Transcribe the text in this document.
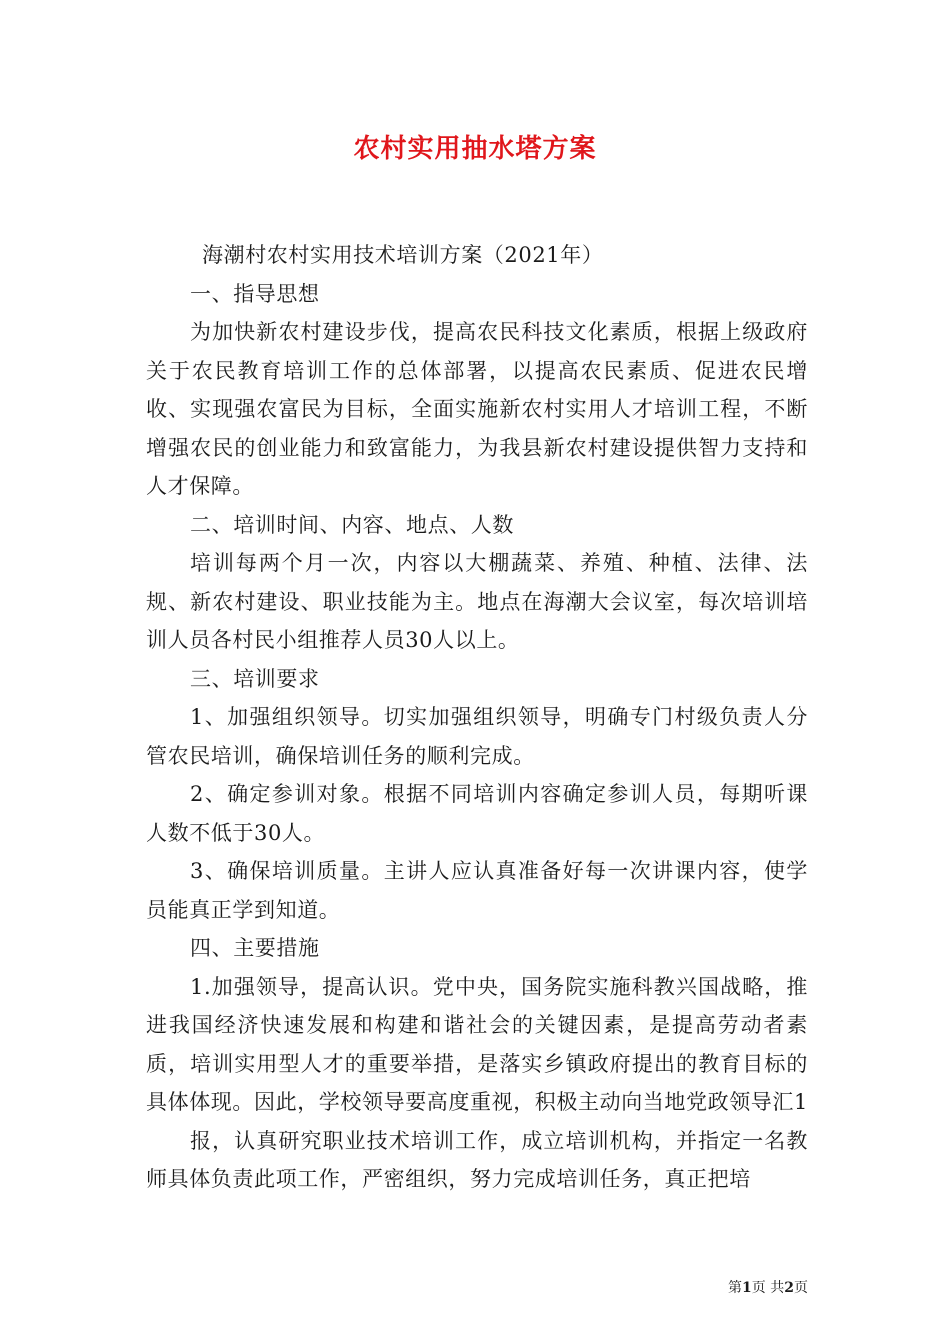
农村实用抽水塔方案

海潮村农村实用技术培训方案（2021年）

一、指导思想

为加快新农村建设步伐，提高农民科技文化素质，根据上级政府关于农民教育培训工作的总体部署，以提高农民素质、促进农民增收、实现强农富民为目标，全面实施新农村实用人才培训工程，不断增强农民的创业能力和致富能力，为我县新农村建设提供智力支持和人才保障。

二、培训时间、内容、地点、人数

培训每两个月一次，内容以大棚蔬菜、养殖、种植、法律、法规、新农村建设、职业技能为主。地点在海潮大会议室，每次培训培训人员各村民小组推荐人员30人以上。

三、培训要求

1、加强组织领导。切实加强组织领导，明确专门村级负责人分管农民培训，确保培训任务的顺利完成。

2、确定参训对象。根据不同培训内容确定参训人员，每期听课人数不低于30人。

3、确保培训质量。主讲人应认真准备好每一次讲课内容，使学员能真正学到知道。

四、主要措施

1.加强领导，提高认识。党中央，国务院实施科教兴国战略，推进我国经济快速发展和构建和谐社会的关键因素，是提高劳动者素质，培训实用型人才的重要举措，是落实乡镇政府提出的教育目标的具体体现。因此，学校领导要高度重视，积极主动向当地党政领导汇1

报，认真研究职业技术培训工作，成立培训机构，并指定一名教师具体负责此项工作，严密组织，努力完成培训任务，真正把培

第1页 共2页
